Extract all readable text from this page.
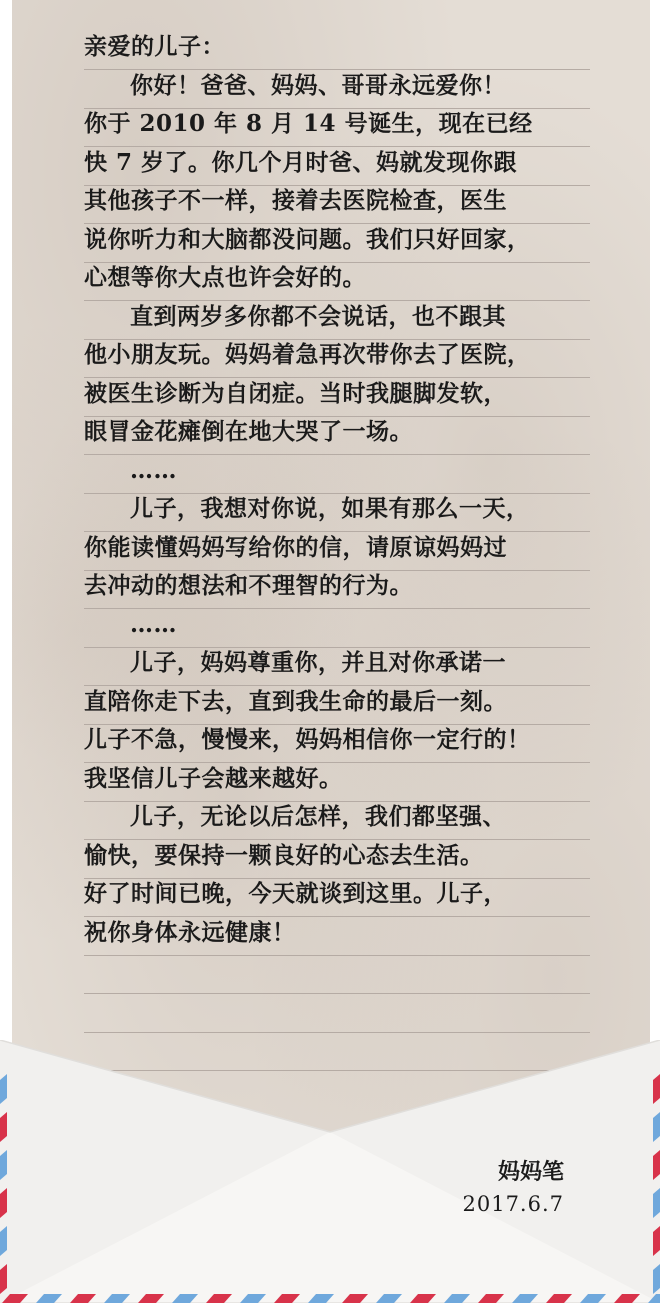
亲爱的儿子：
你好！爸爸、妈妈、哥哥永远爱你！
你于 2010 年 8 月 14 号诞生，现在已经
快 7 岁了。你几个月时爸、妈就发现你跟
其他孩子不一样，接着去医院检查，医生
说你听力和大脑都没问题。我们只好回家，
心想等你大点也许会好的。
直到两岁多你都不会说话，也不跟其
他小朋友玩。妈妈着急再次带你去了医院，
被医生诊断为自闭症。当时我腿脚发软，
眼冒金花瘫倒在地大哭了一场。
……
儿子，我想对你说，如果有那么一天，
你能读懂妈妈写给你的信，请原谅妈妈过
去冲动的想法和不理智的行为。
……
儿子，妈妈尊重你，并且对你承诺一
直陪你走下去，直到我生命的最后一刻。
儿子不急，慢慢来，妈妈相信你一定行的！
我坚信儿子会越来越好。
儿子，无论以后怎样，我们都坚强、
愉快，要保持一颗良好的心态去生活。
好了时间已晚，今天就谈到这里。儿子，
祝你身体永远健康！
妈妈笔
2017.6.7
